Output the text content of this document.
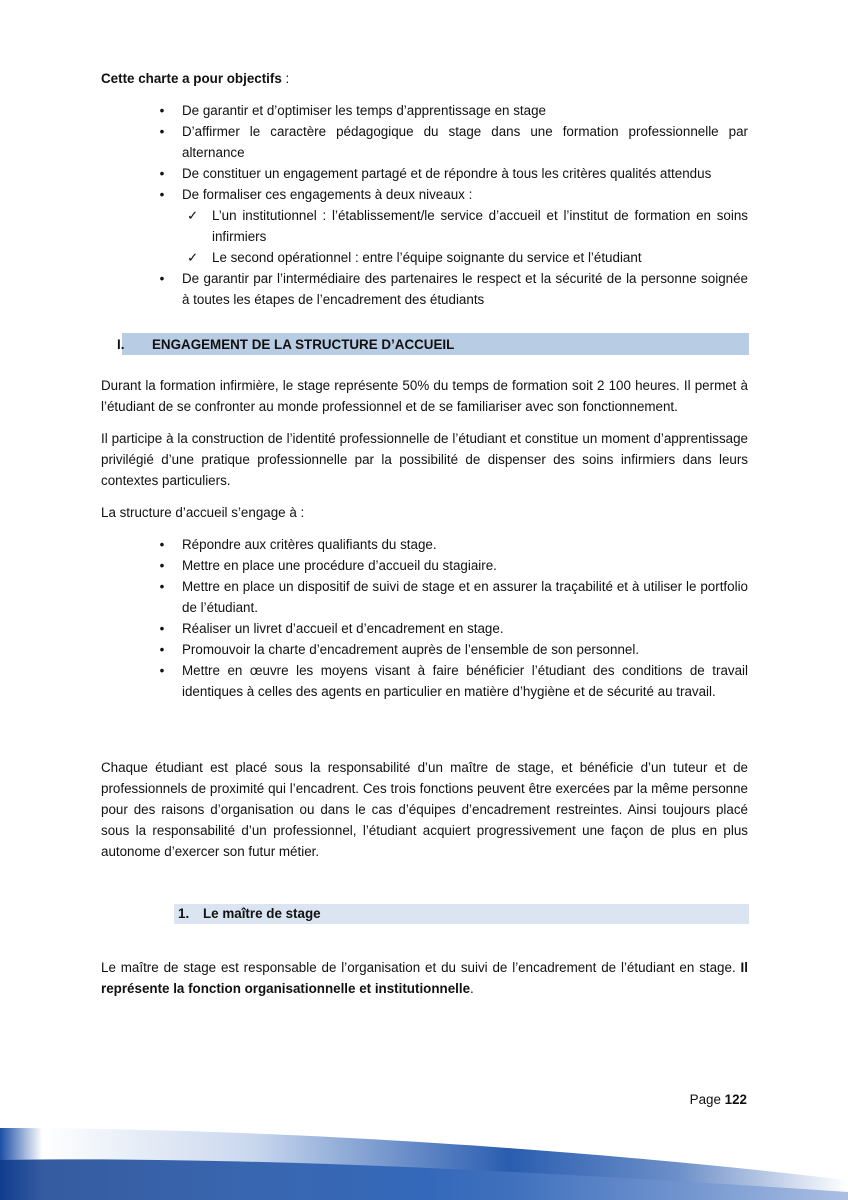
Cette charte a pour objectifs :

• De garantir et d’optimiser les temps d’apprentissage en stage
• D’affirmer le caractère pédagogique du stage dans une formation professionnelle par alternance
• De constituer un engagement partagé et de répondre à tous les critères qualités attendus
• De formaliser ces engagements à deux niveaux :
✓ L’un institutionnel : l’établissement/le service d’accueil et l’institut de formation en soins infirmiers
✓ Le second opérationnel : entre l’équipe soignante du service et l’étudiant
• De garantir par l’intermédiaire des partenaires le respect et la sécurité de la personne soignée à toutes les étapes de l’encadrement des étudiants
I. ENGAGEMENT DE LA STRUCTURE D’ACCUEIL

Durant la formation infirmière, le stage représente 50% du temps de formation soit 2 100 heures. Il permet à l’étudiant de se confronter au monde professionnel et de se familiariser avec son fonctionnement.

Il participe à la construction de l’identité professionnelle de l’étudiant et constitue un moment d’apprentissage privilégié d’une pratique professionnelle par la possibilité de dispenser des soins infirmiers dans leurs contextes particuliers.

La structure d’accueil s’engage à :

• Répondre aux critères qualifiants du stage.
• Mettre en place une procédure d’accueil du stagiaire.
• Mettre en place un dispositif de suivi de stage et en assurer la traçabilité et à utiliser le portfolio de l’étudiant.
• Réaliser un livret d’accueil et d’encadrement en stage.
• Promouvoir la charte d’encadrement auprès de l’ensemble de son personnel.
• Mettre en œuvre les moyens visant à faire bénéficier l’étudiant des conditions de travail identiques à celles des agents en particulier en matière d’hygiène et de sécurité au travail.

Chaque étudiant est placé sous la responsabilité d’un maître de stage, et bénéficie d’un tuteur et de professionnels de proximité qui l’encadrent. Ces trois fonctions peuvent être exercées par la même personne pour des raisons d’organisation ou dans le cas d’équipes d’encadrement restreintes. Ainsi toujours placé sous la responsabilité d’un professionnel, l’étudiant acquiert progressivement une façon de plus en plus autonome d’exercer son futur métier.

1. Le maître de stage

Le maître de stage est responsable de l’organisation et du suivi de l’encadrement de l’étudiant en stage. Il représente la fonction organisationnelle et institutionnelle.

Page 122
